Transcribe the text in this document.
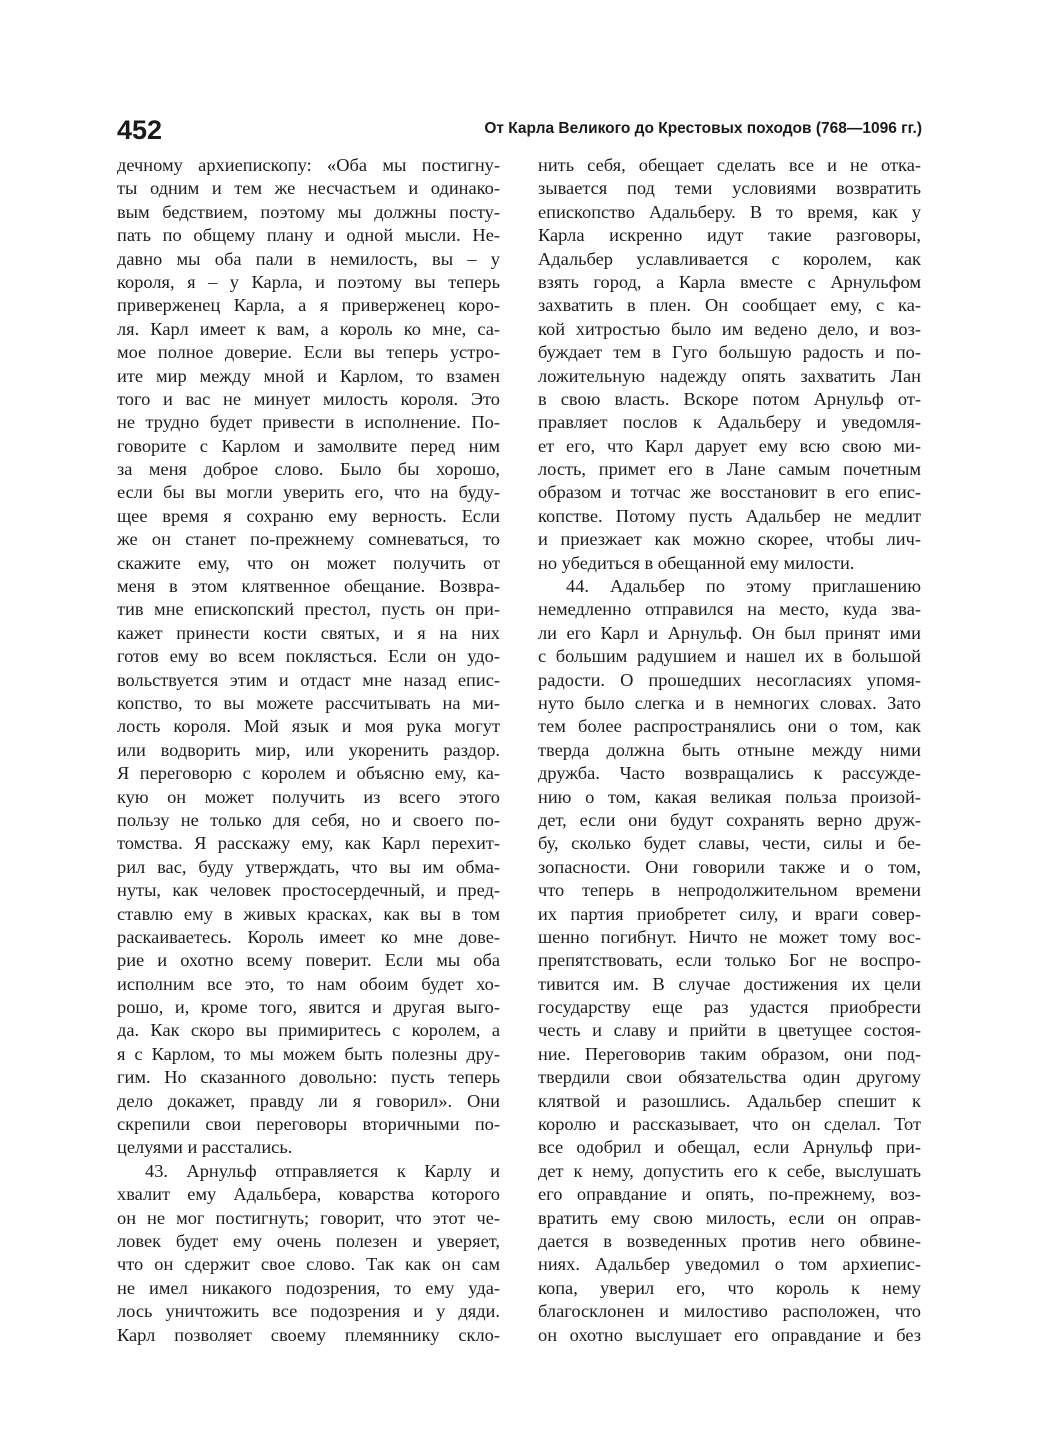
452	От Карла Великого до Крестовых походов (768—1096 гг.)
дечному архиепископу: «Оба мы постигну-
ты одним и тем же несчастьем и одинако-
вым бедствием, поэтому мы должны посту-
пать по общему плану и одной мысли. Не-
давно мы оба пали в немилость, вы – у
короля, я – у Карла, и поэтому вы теперь
приверженец Карла, а я приверженец коро-
ля. Карл имеет к вам, а король ко мне, са-
мое полное доверие. Если вы теперь устро-
ите мир между мной и Карлом, то взамен
того и вас не минует милость короля. Это
не трудно будет привести в исполнение. По-
говорите с Карлом и замолвите перед ним
за меня доброе слово. Было бы хорошо,
если бы вы могли уверить его, что на буду-
щее время я сохраню ему верность. Если
же он станет по-прежнему сомневаться, то
скажите ему, что он может получить от
меня в этом клятвенное обещание. Возвра-
тив мне епископский престол, пусть он при-
кажет принести кости святых, и я на них
готов ему во всем поклясться. Если он удо-
вольствуется этим и отдаст мне назад епис-
копство, то вы можете рассчитывать на ми-
лость короля. Мой язык и моя рука могут
или водворить мир, или укоренить раздор.
Я переговорю с королем и объясню ему, ка-
кую он может получить из всего этого
пользу не только для себя, но и своего по-
томства. Я расскажу ему, как Карл перехит-
рил вас, буду утверждать, что вы им обма-
нуты, как человек простосердечный, и пред-
ставлю ему в живых красках, как вы в том
раскаиваетесь. Король имеет ко мне дове-
рие и охотно всему поверит. Если мы оба
исполним все это, то нам обоим будет хо-
рошо, и, кроме того, явится и другая выго-
да. Как скоро вы примиритесь с королем, а
я с Карлом, то мы можем быть полезны дру-
гим. Но сказанного довольно: пусть теперь
дело докажет, правду ли я говорил». Они
скрепили свои переговоры вторичными по-
целуями и расстались.
43. Арнульф отправляется к Карлу и
хвалит ему Адальбера, коварства которого
он не мог постигнуть; говорит, что этот че-
ловек будет ему очень полезен и уверяет,
что он сдержит свое слово. Так как он сам
не имел никакого подозрения, то ему уда-
лось уничтожить все подозрения и у дяди.
Карл позволяет своему племяннику скло-
нить себя, обещает сделать все и не отка-
зывается под теми условиями возвратить
епископство Адальберу. В то время, как у
Карла искренно идут такие разговоры,
Адальбер уславливается с королем, как
взять город, а Карла вместе с Арнульфом
захватить в плен. Он сообщает ему, с ка-
кой хитростью было им ведено дело, и воз-
буждает тем в Гуго большую радость и по-
ложительную надежду опять захватить Лан
в свою власть. Вскоре потом Арнульф от-
правляет послов к Адальберу и уведомля-
ет его, что Карл дарует ему всю свою ми-
лость, примет его в Лане самым почетным
образом и тотчас же восстановит в его епис-
копстве. Потому пусть Адальбер не медлит
и приезжает как можно скорее, чтобы лич-
но убедиться в обещанной ему милости.
44. Адальбер по этому приглашению
немедленно отправился на место, куда зва-
ли его Карл и Арнульф. Он был принят ими
с большим радушием и нашел их в большой
радости. О прошедших несогласиях упомя-
нуто было слегка и в немногих словах. Зато
тем более распространялись они о том, как
тверда должна быть отныне между ними
дружба. Часто возвращались к рассужде-
нию о том, какая великая польза произой-
дет, если они будут сохранять верно друж-
бу, сколько будет славы, чести, силы и бе-
зопасности. Они говорили также и о том,
что теперь в непродолжительном времени
их партия приобретет силу, и враги совер-
шенно погибнут. Ничто не может тому вос-
препятствовать, если только Бог не воспро-
тивится им. В случае достижения их цели
государству еще раз удастся приобрести
честь и славу и прийти в цветущее состоя-
ние. Переговорив таким образом, они под-
твердили свои обязательства один другому
клятвой и разошлись. Адальбер спешит к
королю и рассказывает, что он сделал. Тот
все одобрил и обещал, если Арнульф при-
дет к нему, допустить его к себе, выслушать
его оправдание и опять, по-прежнему, воз-
вратить ему свою милость, если он оправ-
дается в возведенных против него обвине-
ниях. Адальбер уведомил о том архиепис-
копа, уверил его, что король к нему
благосклонен и милостиво расположен, что
он охотно выслушает его оправдание и без
